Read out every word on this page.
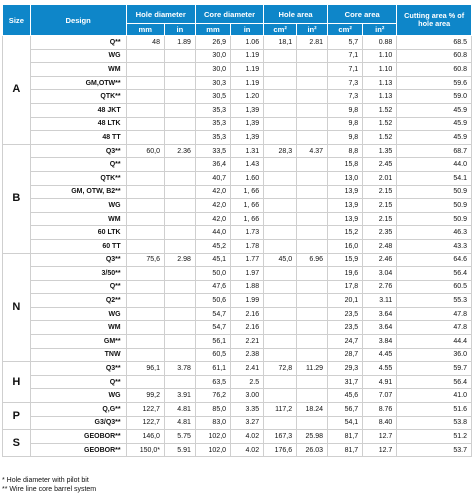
Size	Design	Hole diameter		Core diameter		Hole area		Core area		Cutting area % of hole area
		mm	in	mm	in	cm²	in²	cm²	in²	
A	Q**	48	1.89	26,9	1.06	18,1	2.81	5,7	0.88	68.5
	WG			30,0	1.19			7,1	1.10	60.8
	WM			30,0	1.19			7,1	1.10	60.8
	GM,OTW**			30,3	1.19			7,3	1.13	59.6
	QTK**			30,5	1.20			7,3	1.13	59.0
	48 JKT			35,3	1,39			9,8	1.52	45.9
	48 LTK			35,3	1,39			9,8	1.52	45.9
	48 TT			35,3	1,39			9,8	1.52	45.9
B	Q3**	60,0	2.36	33,5	1.31	28,3	4.37	8,8	1.35	68.7
	Q**			36,4	1.43			15,8	2.45	44.0
	QTK**			40,7	1.60			13,0	2.01	54.1
	GM, OTW, B2**			42,0	1, 66			13,9	2.15	50.9
	WG			42,0	1, 66			13,9	2.15	50.9
	WM			42,0	1, 66			13,9	2.15	50.9
	60 LTK			44,0	1.73			15,2	2.35	46.3
	60 TT			45,2	1.78			16,0	2.48	43.3
N	Q3**	75,6	2.98	45,1	1.77	45,0	6.96	15,9	2.46	64.6
	3/50**			50,0	1.97			19,6	3.04	56.4
	Q**			47,6	1.88			17,8	2.76	60.5
	Q2**			50,6	1.99			20,1	3.11	55.3
	WG			54,7	2.16			23,5	3.64	47.8
	WM			54,7	2.16			23,5	3.64	47.8
	GM**			56,1	2.21			24,7	3.84	44.4
	TNW			60,5	2.38			28,7	4.45	36.0
H	Q3**	96,1	3.78	61,1	2.41	72,8	11.29	29,3	4.55	59.7
	Q**			63,5	2.5			31,7	4.91	56.4
	WG	99,2	3.91	76,2	3.00			45,6	7.07	41.0
P	Q,G**	122,7	4.81	85,0	3.35	117,2	18.24	56,7	8.76	51.6
	G3/Q3**	122,7	4.81	83,0	3.27			54,1	8.40	53.8
S	GEOBOR**	146,0	5.75	102,0	4.02	167,3	25.98	81,7	12.7	51.2
	GEOBOR**	150,0*	5.91	102,0	4.02	176,6	26.03	81,7	12.7	53.7
* Hole diameter with pilot bit
** Wire line core barrel system
